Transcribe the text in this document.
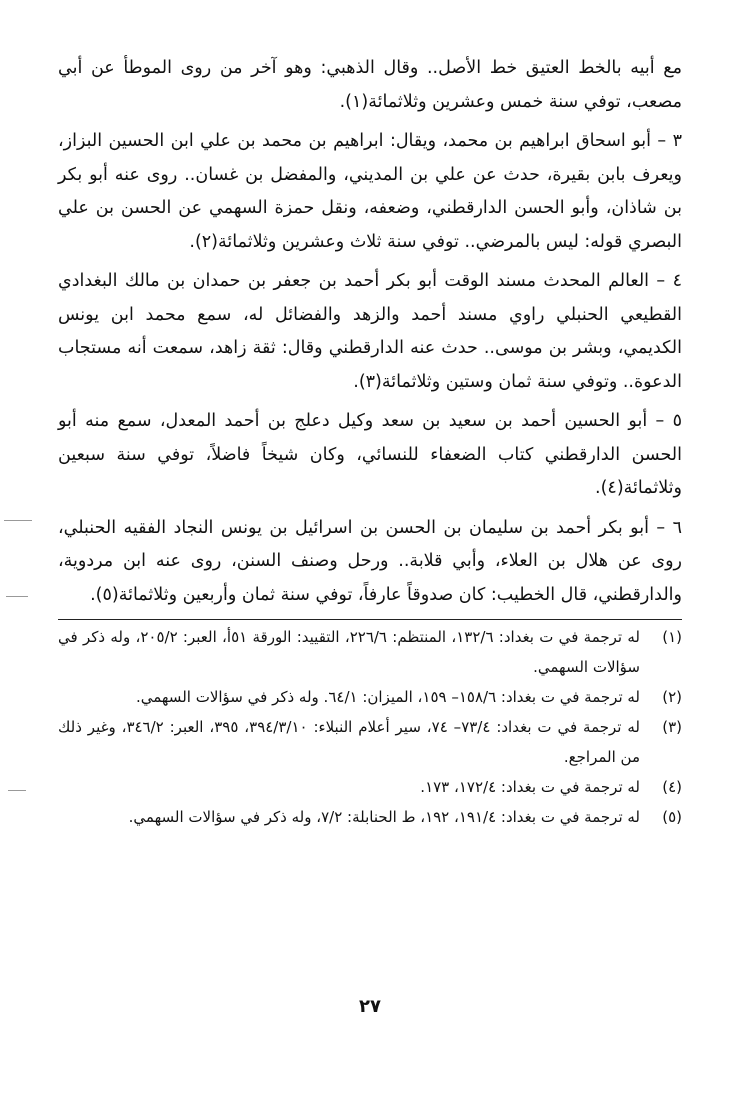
مع أبيه بالخط العتيق خط الأصل.. وقال الذهبي: وهو آخر من روى الموطأ عن أبي مصعب، توفي سنة خمس وعشرين وثلاثمائة(١).

٣ – أبو اسحاق ابراهيم بن محمد، ويقال: ابراهيم بن محمد بن علي ابن الحسين البزاز، ويعرف بابن بقيرة، حدث عن علي بن المديني، والمفضل بن غسان.. روى عنه أبو بكر بن شاذان، وأبو الحسن الدارقطني، وضعفه، ونقل حمزة السهمي عن الحسن بن علي البصري قوله: ليس بالمرضي.. توفي سنة ثلاث وعشرين وثلاثمائة(٢).

٤ – العالم المحدث مسند الوقت أبو بكر أحمد بن جعفر بن حمدان بن مالك البغدادي القطيعي الحنبلي راوي مسند أحمد والزهد والفضائل له، سمع محمد ابن يونس الكديمي، وبشر بن موسى.. حدث عنه الدارقطني وقال: ثقة زاهد، سمعت أنه مستجاب الدعوة.. وتوفي سنة ثمان وستين وثلاثمائة(٣).

٥ – أبو الحسين أحمد بن سعيد بن سعد وكيل دعلج بن أحمد المعدل، سمع منه أبو الحسن الدارقطني كتاب الضعفاء للنسائي، وكان شيخاً فاضلاً، توفي سنة سبعين وثلاثمائة(٤).

٦ – أبو بكر أحمد بن سليمان بن الحسن بن اسرائيل بن يونس النجاد الفقيه الحنبلي، روى عن هلال بن العلاء، وأبي قلابة.. ورحل وصنف السنن، روى عنه ابن مردوية، والدارقطني، قال الخطيب: كان صدوقاً عارفاً، توفي سنة ثمان وأربعين وثلاثمائة(٥).

(١)
له ترجمة في ت بغداد: ١٣٢/٦، المنتظم: ٢٢٦/٦، التقييد: الورقة ٥١أ، العبر: ٢٠٥/٢، وله ذكر في سؤالات السهمي.
(٢)
له ترجمة في ت بغداد: ١٥٨/٦– ١٥٩، الميزان: ٦٤/١. وله ذكر في سؤالات السهمي.
(٣)
له ترجمة في ت بغداد: ٧٣/٤– ٧٤، سير أعلام النبلاء: ٣٩٤/٣/١٠، ٣٩٥، العبر: ٣٤٦/٢، وغير ذلك من المراجع.
(٤)
له ترجمة في ت بغداد: ١٧٢/٤، ١٧٣.
(٥)
له ترجمة في ت بغداد: ١٩١/٤، ١٩٢، ط الحنابلة: ٧/٢، وله ذكر في سؤالات السهمي.
٢٧
